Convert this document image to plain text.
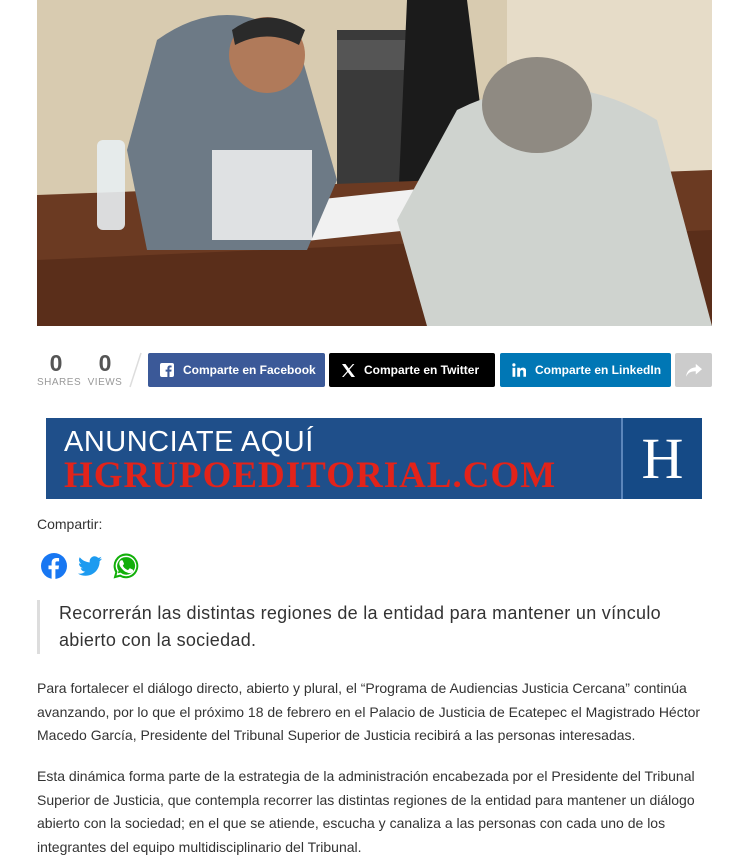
0
SHARES
0
VIEWS
Comparte en Facebook	Comparte en Twitter	Comparte en LinkedIn
ANUNCIATE AQUÍ
HGRUPOEDITORIAL.COM H
Compartir:

Recorrerán las distintas regiones de la entidad para mantener un vínculo abierto con la sociedad.

Para fortalecer el diálogo directo, abierto y plural, el “Programa de Audiencias Justicia Cercana” continúa avanzando, por lo que el próximo 18 de febrero en el Palacio de Justicia de Ecatepec el Magistrado Héctor Macedo García, Presidente del Tribunal Superior de Justicia recibirá a las personas interesadas.

Esta dinámica forma parte de la estrategia de la administración encabezada por el Presidente del Tribunal Superior de Justicia, que contempla recorrer las distintas regiones de la entidad para mantener un diálogo abierto con la sociedad; en el que se atiende, escucha y canaliza a las personas con cada uno de los integrantes del equipo multidisciplinario del Tribunal.
